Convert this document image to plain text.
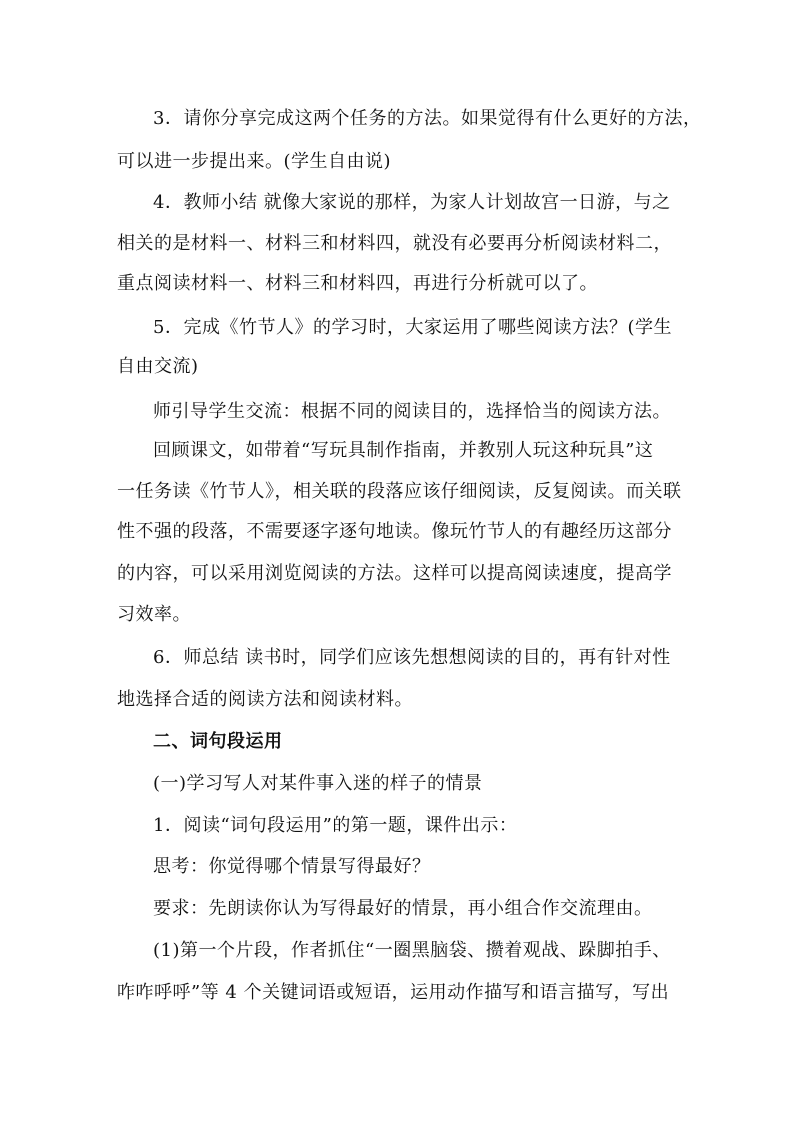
3．请你分享完成这两个任务的方法。如果觉得有什么更好的方法，
可以进一步提出来。(学生自由说)
4．教师小结 就像大家说的那样，为家人计划故宫一日游，与之
相关的是材料一、材料三和材料四，就没有必要再分析阅读材料二，
重点阅读材料一、材料三和材料四，再进行分析就可以了。
5．完成《竹节人》的学习时，大家运用了哪些阅读方法？(学生
自由交流)
师引导学生交流：根据不同的阅读目的，选择恰当的阅读方法。
回顾课文，如带着“写玩具制作指南，并教别人玩这种玩具”这
一任务读《竹节人》，相关联的段落应该仔细阅读，反复阅读。而关联
性不强的段落，不需要逐字逐句地读。像玩竹节人的有趣经历这部分
的内容，可以采用浏览阅读的方法。这样可以提高阅读速度，提高学
习效率。
6．师总结 读书时，同学们应该先想想阅读的目的，再有针对性
地选择合适的阅读方法和阅读材料。
二、词句段运用
(一)学习写人对某件事入迷的样子的情景
1．阅读“词句段运用”的第一题，课件出示：
思考：你觉得哪个情景写得最好？
要求：先朗读你认为写得最好的情景，再小组合作交流理由。
(1)第一个片段，作者抓住“一圈黑脑袋、攒着观战、跺脚拍手、
咋咋呼呼”等 4 个关键词语或短语，运用动作描写和语言描写，写出
